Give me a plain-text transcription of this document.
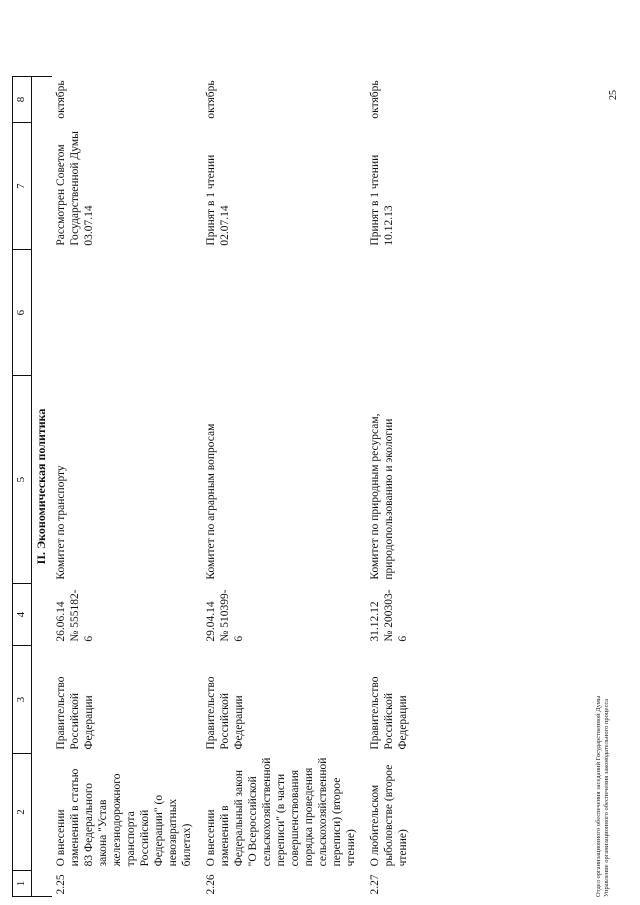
1	2	3	4	5	6	7	8
II. Экономическая политика							
2.25	О внесении изменений в статью 83 Федерального закона "Устав железнодорожного транспорта Российской Федерации" (о невозвратных билетах)	Правительство Российской Федерации	26.06.14 № 555182-6	Комитет по транспорту		Рассмотрен Советом Государственной Думы 03.07.14	октябрь
2.26	О внесении изменений в Федеральный закон "О Всероссийской сельскохозяйственной переписи" (в части совершенствования порядка проведения сельскохозяйственной переписи) (второе чтение)	Правительство Российской Федерации	29.04.14 № 510399-6	Комитет по аграрным вопросам		Принят в 1 чтении 02.07.14	октябрь
2.27	О любительском рыболовстве (второе чтение)	Правительство Российской Федерации	31.12.12 № 200303-6	Комитет по природным ресурсам, природопользованию и экологии		Принят в 1 чтении 10.12.13	октябрь
Отдел организационного обеспечения заседаний Государственной Думы Управление организационного обеспечения законодательного процесса
25
